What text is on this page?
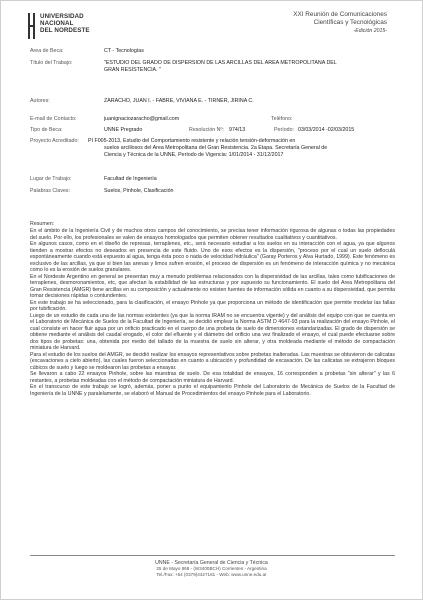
UNIVERSIDAD
NACIONAL
DEL NORDESTE
XXI Reunión de Comunicaciones
Científicas y Tecnológicas
-Edición 2015-
Area de Beca:	CT - Tecnologías
Título del Trabajo:	"ESTUDIO DEL GRADO DE DISPERSION DE LAS ARCILLAS DEL AREA METROPOLITANA DEL
GRAN RESISTENCIA. "
Autores:	ZARACHO, JUAN I. - FABRE, VIVIANA E. - TIRNER, JIRINA C.
E-mail de Contacto:	juanignaciozaracho@gmail.com	Teléfono:
Tipo de Beca:	UNNE Pregrado	Resolución Nº: 974/13	Período: 03/03/2014 -02/03/2015
Proyecto Acreditado: PI F005-2013, Estudio del Comportamiento resistente y relación tensión-deformación en
suelos arcillosos del Area Metropolitana del Gran Resistencia. 2a Etapa. Secretaría General de
Ciencia y Técnica de la UNNE, Período de Vigencia: 1/01/2014 - 31/12/2017
Lugar de Trabajo:	Facultad de Ingeniería
Palabras Claves:	Suelos, Pinhole, Clasificación
Resumen:

En el ámbito de la Ingeniería Civil y de muchos otros campos del conocimiento, se precisa tener información rigurosa de algunas o todas las propiedades del suelo. Por ello, los profesionales se valen de ensayos homologados que permiten obtener resultados cualitativos y cuantitativos.

En algunos casos, como en el diseño de represas, terraplenes, etc., será necesario estudiar a los suelos en su interacción con el agua, ya que algunos tienden a mostrar efectos no deseados en presencia de este fluido. Uno de esos efectos es la dispersión, "proceso por el cual un suelo defloculá espontáneamente cuando está expuesto al agua, tenga ésta poco o nada de velocidad hidráulica" (Garay Porteros y Alva Hurtado, 1999). Este fenómeno es exclusivo de las arcillas, ya que si bien las arenas y limos sufren erosión, el proceso de dispersión es un fenómeno de interacción química y no mecánica como lo es la erosión de suelos granulares.

En el Nordeste Argentino en general se presentan muy a menudo problemas relacionados con la dispersividad de las arcillas, tales como tubificaciones de terraplenes, desmoronamientos, etc, que afectan la estabilidad de las estructuras y por supuesto su funcionamiento. El suelo del Area Metropolitana del Gran Resistencia (AMGR) tiene arcillas en su composición y actualmente no existen fuentes de información sólida en cuanto a su dispersividad, que permita tomar decisiones rápidas o contundentes.

En este trabajo se ha seleccionado, para la clasificación, el ensayo Pinhole ya que proporciona un método de identificación que permite modelar las fallas por tubificación.

Luego de un estudio de cada una de las normas existentes (ya que la norma IRAM no se encuentra vigente) y del análisis del equipo con que se cuenta en el Laboratorio de Mecánica de Suelos de la Facultad de Ingeniería, se decidió emplear la Norma ASTM D 4647-93 para la realización del ensayo Pinhole, el cual consiste en hacer fluir agua por un orificio practicado en el cuerpo de una probeta de suelo de dimensiones estandarizadas. El grado de dispersión se obtiene mediante el análisis del caudal erogado, el color del efluente y el diámetro del orificio una vez finalizado el ensayo, el cual puede efectuarse sobre dos tipos de probetas: una, obtenida por medio del tallado de la muestra de suelo sin alterar, y otra moldeada mediante el método de compactación miniatura de Harvard.

Para el estudio de los suelos del AMGR, se decidió realizar los ensayos representativos sobre probetas inalteradas. Las muestras se obtuvieron de calicatas (excavaciones a cielo abierto), las cuales fueron seleccionadas en cuanto a ubicación y profundidad de excavación. De las calicatas se extrajeron bloques cúbicos de suelo y luego se moldearon las probetas a ensayar.

Se llevaron a cabo 22 ensayos Pinhole, sobre las muestras de suelo. De esa totalidad de ensayos, 16 corresponden a probetas "sin alterar" y las 6 restantes, a probetas moldeadas con el método de compactación miniatura de Harvard.

En el transcurso de este trabajo se logró, además, poner a punto el equipamiento Pinhole del Laboratorio de Mecánica de Suelos de la Facultad de Ingeniería de la UNNE y paralelamente, se elaboró el Manual de Procedimientos del ensayo Pinhole para el Laboratorio.

UNNE - Secretaría General de Ciencia y Técnica
25 de Mayo 868 - (W3400BCH) Corrientes - Argentina
Tel./Fax: +54 (0379)4427181 - Web: www.unne.edu.ar
